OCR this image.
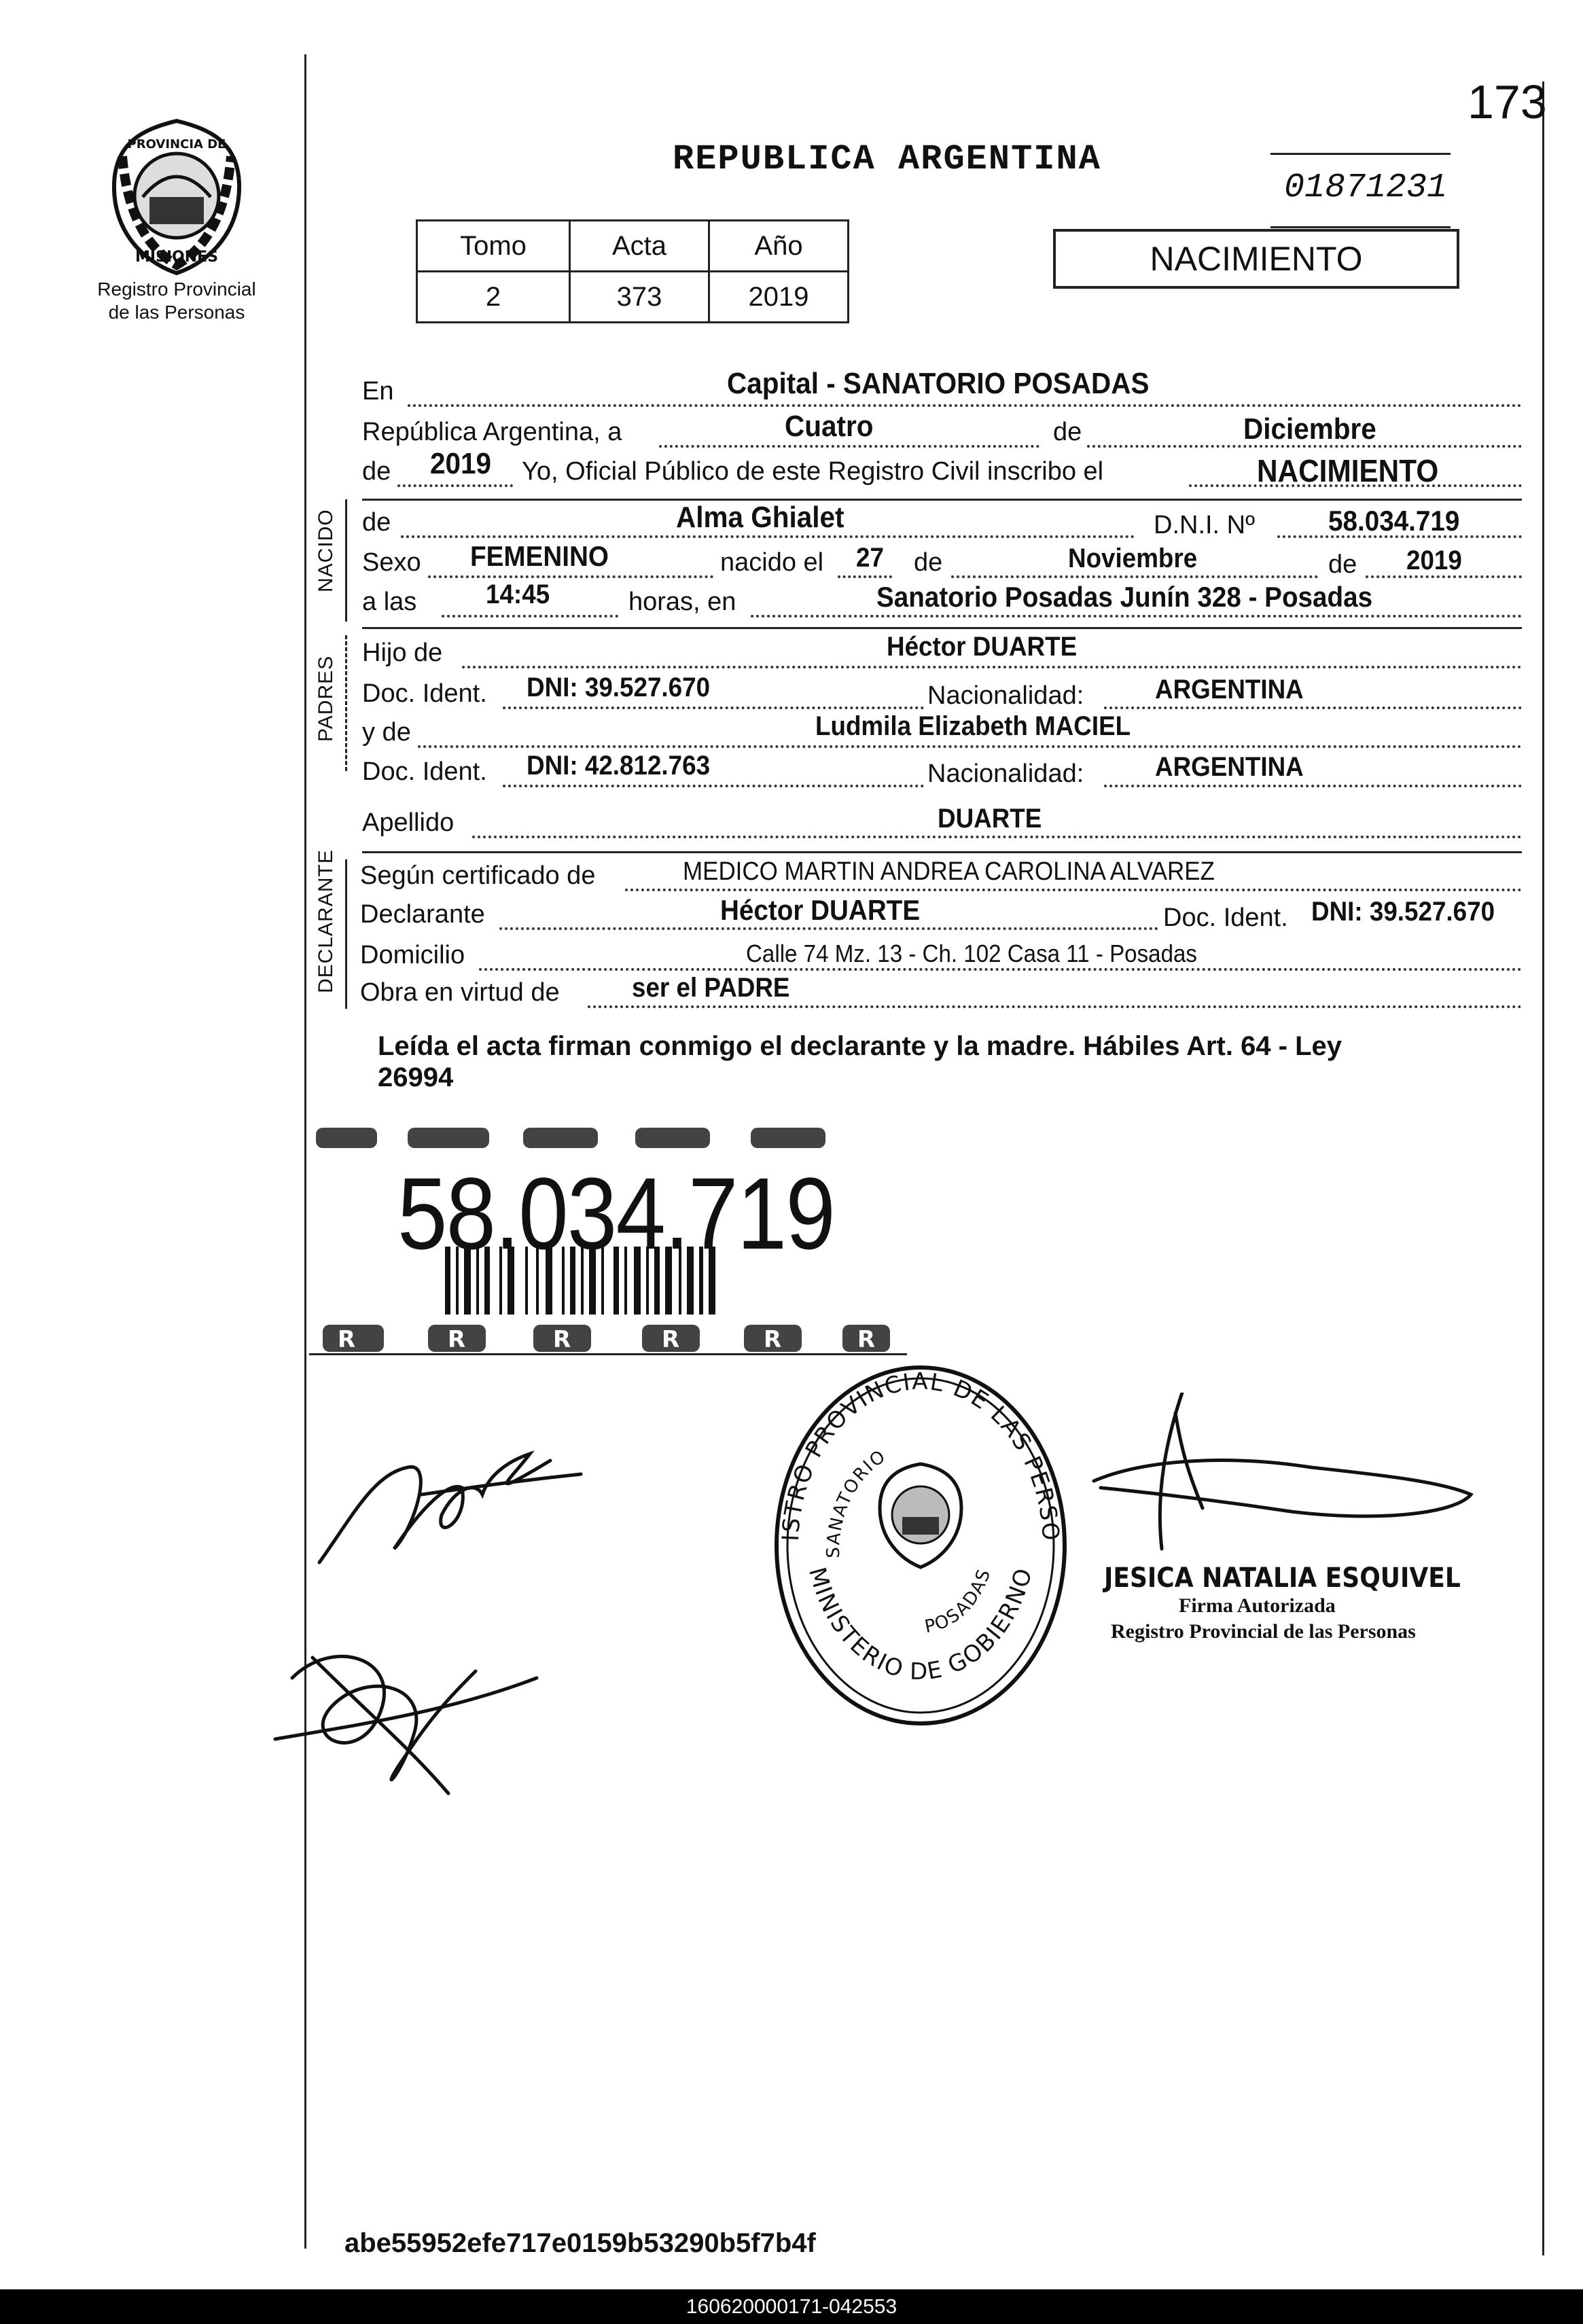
173
PROVINCIA DE
MISIONES
Registro Provincial
de las Personas
REPUBLICA ARGENTINA
01871231
Tomo	Acta	Año
2	373	2019
NACIMIENTO
En	Capital - SANATORIO POSADAS
República Argentina, a	Cuatro	de	Diciembre
de 2019 Yo, Oficial Público de este Registro Civil inscribo el	NACIMIENTO
NACIDO de	Alma Ghialet	D.N.I. Nº	58.034.719
Sexo FEMENINO	nacido el 27 de	Noviembre	de 2019
a las	14:45	horas, en	Sanatorio Posadas Junín 328 - Posadas
PADRES
Hijo de	Héctor DUARTE
Doc. Ident. DNI: 39.527.670	Nacionalidad:	ARGENTINA
y de	Ludmila Elizabeth MACIEL
Doc. Ident. DNI: 42.812.763	Nacionalidad:	ARGENTINA
Apellido	DUARTE
DECLARANTE Según certificado de	MEDICO MARTIN ANDREA CAROLINA ALVAREZ
Declarante	Héctor DUARTE	Doc. Ident. DNI: 39.527.670
Domicilio	Calle 74 Mz. 13 - Ch. 102 Casa 11 - Posadas
Obra en virtud de	ser el PADRE
Leída el acta firman conmigo el declarante y la madre. Hábiles Art. 64 - Ley
26994
R	R	R	R	R	R
58.034.719
ISTRO PROVINCIAL DE LAS PERSO
MINISTERIO DE GOBIERNO
SANATORIO
POSADAS	JESICA NATALIA ESQUIVEL
Firma Autorizada
Registro Provincial de las Personas
abe55952efe717e0159b53290b5f7b4f
160620000171-042553
